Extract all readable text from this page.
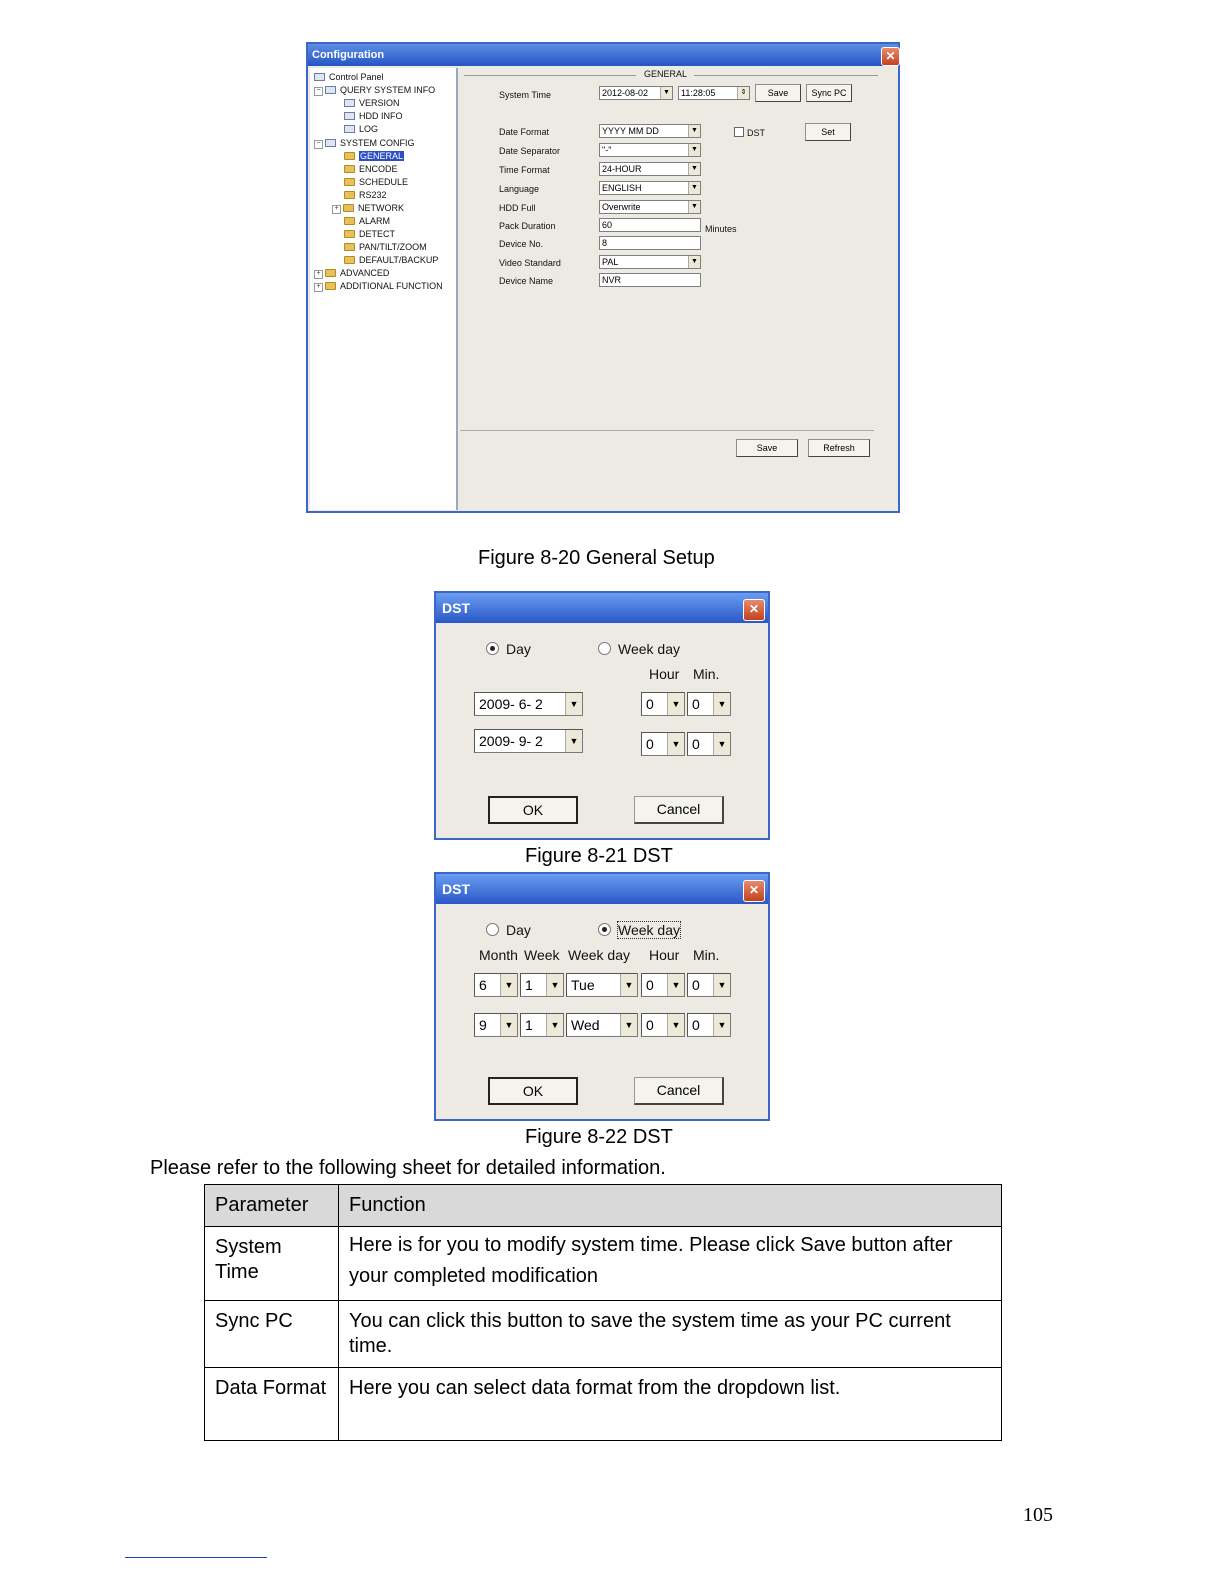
Configuration	✕
Control Panel
− QUERY SYSTEM INFO
VERSION
HDD INFO
LOG
− SYSTEM CONFIG
GENERAL
ENCODE
SCHEDULE
RS232
+ NETWORK
ALARM
DETECT
PAN/TILT/ZOOM
DEFAULT/BACKUP
+ ADVANCED
+ ADDITIONAL FUNCTION
GENERAL
System Time	2012-08-02	▼	11:28:05	⇕	Save	Sync PC
Date Format	YYYY MM DD	▼	DST	Set
Date Separator	"-"	▼
Time Format	24-HOUR	▼
Language	ENGLISH	▼
HDD Full	Overwrite	▼
Pack Duration	60	Minutes
Device No.	8
Video Standard	PAL	▼
Device Name	NVR
Save	Refresh
Figure 8-20 General Setup
DST	✕
Day	Week day
Hour Min.
2009- 6- 2	▼	0	▼ 0	▼
2009- 9- 2	▼	0	▼ 0	▼
OK	Cancel
Figure 8-21 DST
DST	✕
Day	Week day
Month Week Week day Hour Min.
6	▼ 1	▼ Tue	▼ 0	▼ 0	▼
9	▼ 1	▼ Wed	▼ 0	▼ 0	▼
OK	Cancel
Figure 8-22 DST
Please refer to the following sheet for detailed information.
Parameter	Function
System Time	Here is for you to modify system time. Please click Save button after your completed modification
Sync PC	You can click this button to save the system time as your PC current time.
Data Format	Here you can select data format from the dropdown list.
105
